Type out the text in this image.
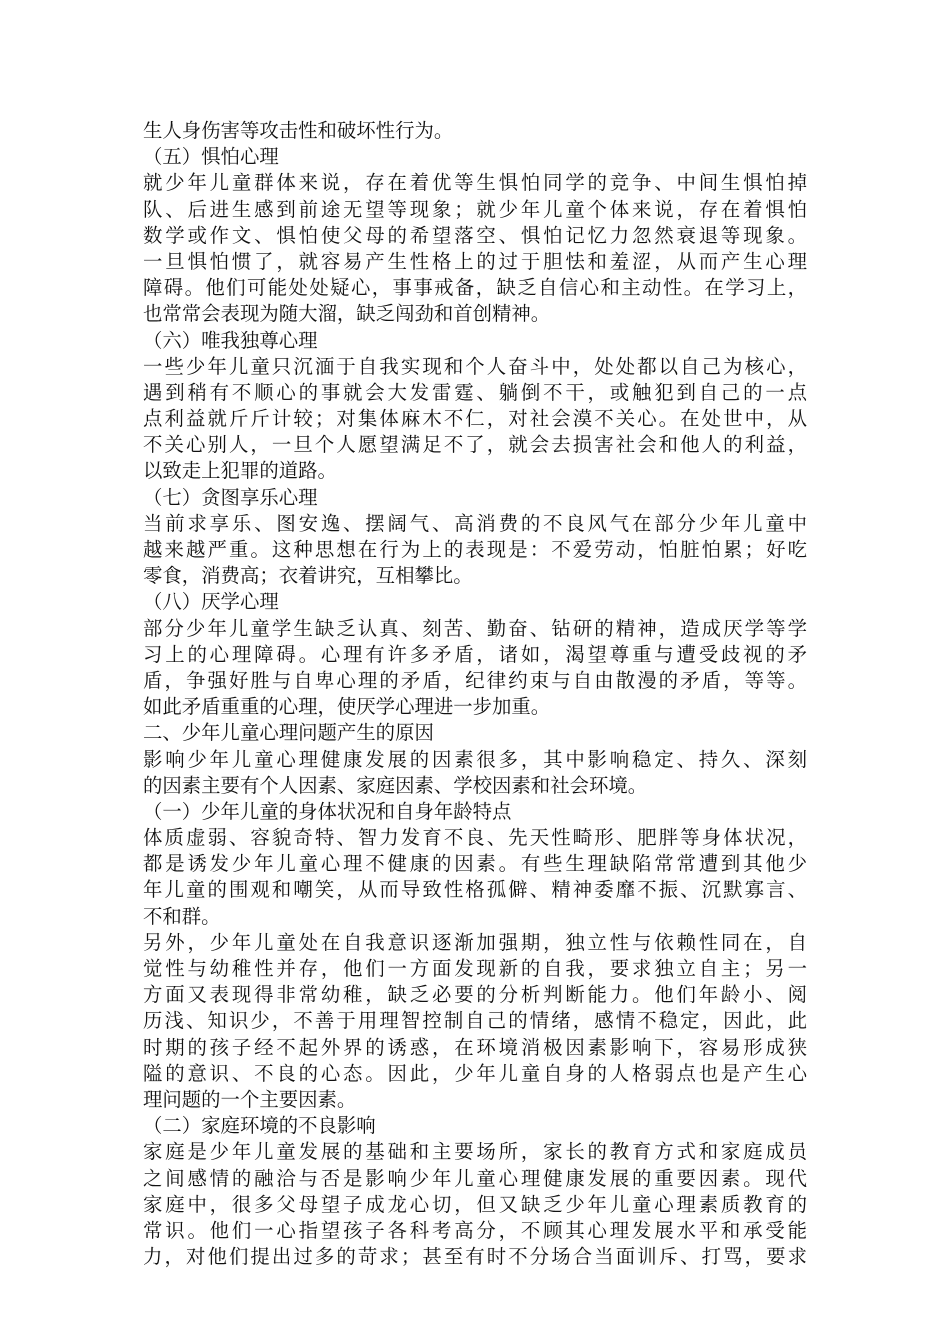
生人身伤害等攻击性和破坏性行为。
（五）惧怕心理
就少年儿童群体来说，存在着优等生惧怕同学的竞争、中间生惧怕掉
队、后进生感到前途无望等现象；就少年儿童个体来说，存在着惧怕
数学或作文、惧怕使父母的希望落空、惧怕记忆力忽然衰退等现象。
一旦惧怕惯了，就容易产生性格上的过于胆怯和羞涩，从而产生心理
障碍。他们可能处处疑心，事事戒备，缺乏自信心和主动性。在学习上，
也常常会表现为随大溜，缺乏闯劲和首创精神。
（六）唯我独尊心理
一些少年儿童只沉湎于自我实现和个人奋斗中，处处都以自己为核心，
遇到稍有不顺心的事就会大发雷霆、躺倒不干，或触犯到自己的一点
点利益就斤斤计较；对集体麻木不仁，对社会漠不关心。在处世中，从
不关心别人，一旦个人愿望满足不了，就会去损害社会和他人的利益，
以致走上犯罪的道路。
（七）贪图享乐心理
当前求享乐、图安逸、摆阔气、高消费的不良风气在部分少年儿童中
越来越严重。这种思想在行为上的表现是：不爱劳动，怕脏怕累；好吃
零食，消费高；衣着讲究，互相攀比。
（八）厌学心理
部分少年儿童学生缺乏认真、刻苦、勤奋、钻研的精神，造成厌学等学
习上的心理障碍。心理有许多矛盾，诸如，渴望尊重与遭受歧视的矛
盾，争强好胜与自卑心理的矛盾，纪律约束与自由散漫的矛盾，等等。
如此矛盾重重的心理，使厌学心理进一步加重。
二、少年儿童心理问题产生的原因
影响少年儿童心理健康发展的因素很多，其中影响稳定、持久、深刻
的因素主要有个人因素、家庭因素、学校因素和社会环境。
（一）少年儿童的身体状况和自身年龄特点
体质虚弱、容貌奇特、智力发育不良、先天性畸形、肥胖等身体状况，
都是诱发少年儿童心理不健康的因素。有些生理缺陷常常遭到其他少
年儿童的围观和嘲笑，从而导致性格孤僻、精神委靡不振、沉默寡言、
不和群。
另外，少年儿童处在自我意识逐渐加强期，独立性与依赖性同在，自
觉性与幼稚性并存，他们一方面发现新的自我，要求独立自主；另一
方面又表现得非常幼稚，缺乏必要的分析判断能力。他们年龄小、阅
历浅、知识少，不善于用理智控制自己的情绪，感情不稳定，因此，此
时期的孩子经不起外界的诱惑，在环境消极因素影响下，容易形成狭
隘的意识、不良的心态。因此，少年儿童自身的人格弱点也是产生心
理问题的一个主要因素。
（二）家庭环境的不良影响
家庭是少年儿童发展的基础和主要场所，家长的教育方式和家庭成员
之间感情的融洽与否是影响少年儿童心理健康发展的重要因素。现代
家庭中，很多父母望子成龙心切，但又缺乏少年儿童心理素质教育的
常识。他们一心指望孩子各科考高分，不顾其心理发展水平和承受能
力，对他们提出过多的苛求；甚至有时不分场合当面训斥、打骂，要求
